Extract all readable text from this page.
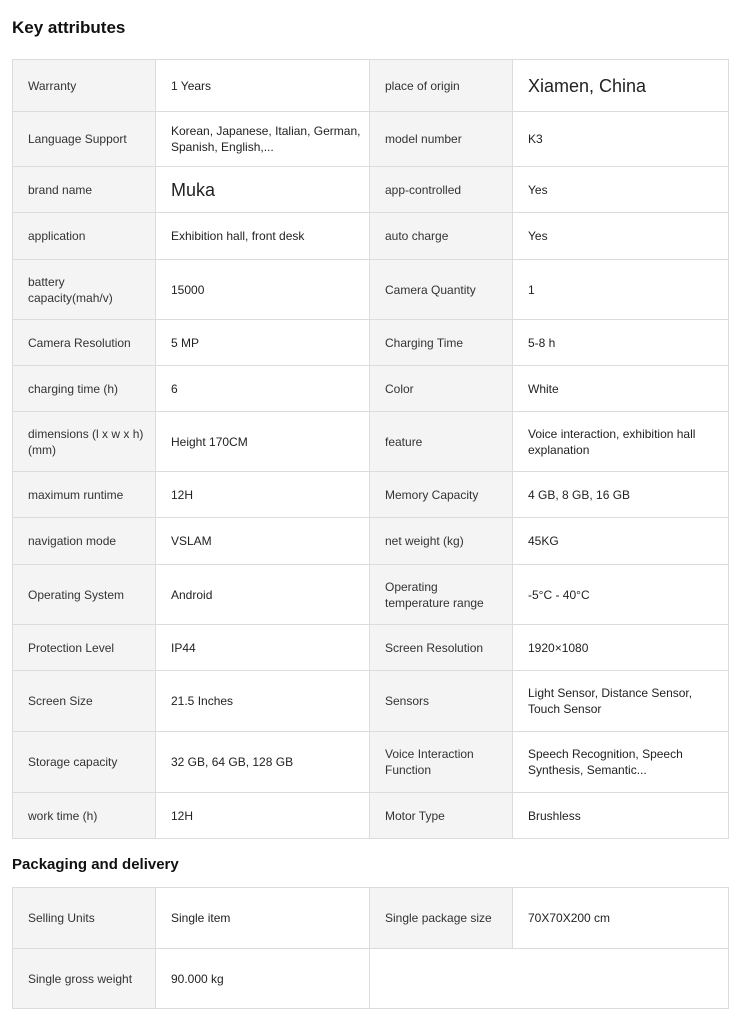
Key attributes
Warranty	1 Years	place of origin	Xiamen, China
Language Support	Korean, Japanese, Italian, German, Spanish, English,...	model number	K3
brand name	Muka	app-controlled	Yes
application	Exhibition hall, front desk	auto charge	Yes
battery capacity(mah/v)	15000	Camera Quantity	1
Camera Resolution	5 MP	Charging Time	5-8 h
charging time (h)	6	Color	White
dimensions (l x w x h) (mm)	Height 170CM	feature	Voice interaction, exhibition hall explanation
maximum runtime	12H	Memory Capacity	4 GB, 8 GB, 16 GB
navigation mode	VSLAM	net weight (kg)	45KG
Operating System	Android	Operating temperature range	-5°C - 40°C
Protection Level	IP44	Screen Resolution	1920×1080
Screen Size	21.5 Inches	Sensors	Light Sensor, Distance Sensor, Touch Sensor
Storage capacity	32 GB, 64 GB, 128 GB	Voice Interaction Function	Speech Recognition, Speech Synthesis, Semantic...

work time (h)	12H	Motor Type	Brushless
Packaging and delivery
Selling Units	Single item	Single package size	70X70X200 cm
Single gross weight	90.000 kg		
